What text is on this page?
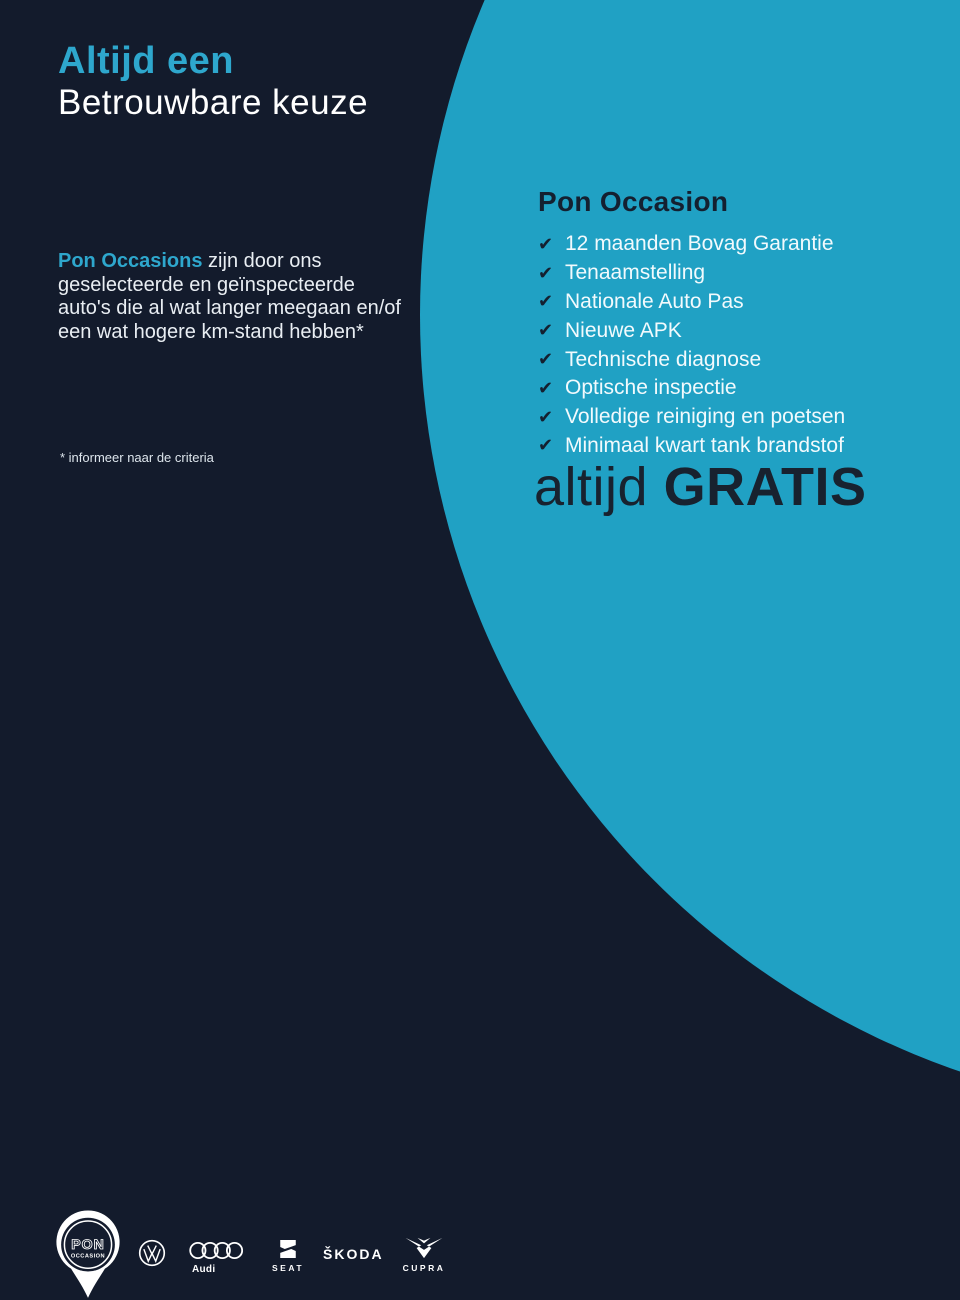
Altijd een
Betrouwbare keuze

Pon Occasions zijn door ons geselecteerde en geïnspecteerde auto's die al wat langer meegaan en/of een wat hogere km-stand hebben*

* informeer naar de criteria
Pon Occasion
✔ 12 maanden Bovag Garantie
✔ Tenaamstelling
✔ Nationale Auto Pas
✔ Nieuwe APK
✔ Technische diagnose
✔ Optische inspectie
✔ Volledige reiniging en poetsen
✔ Minimaal kwart tank brandstof
altijd GRATIS
PON
OCCASION
Audi	SEAT
ŠKODA
CUPRA
